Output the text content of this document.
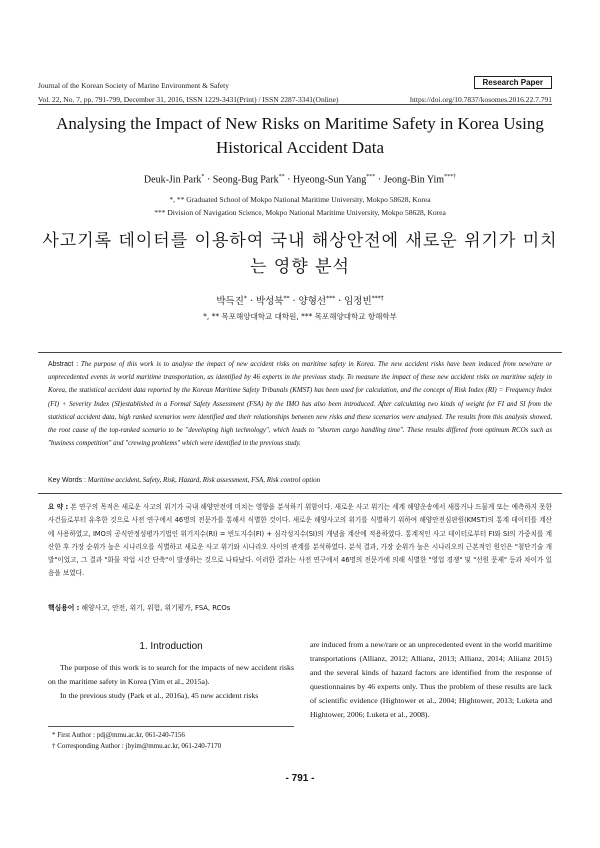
Journal of the Korean Society of Marine Environment & Safety
Vol. 22, No. 7, pp. 791-799, December 31, 2016, ISSN 1229-3431(Print) / ISSN 2287-3341(Online)	https://doi.org/10.7837/kosomes.2016.22.7.791
Research Paper
Analysing the Impact of New Risks on Maritime Safety in Korea Using Historical Accident Data
Deuk-Jin Park* · Seong-Bug Park** · Hyeong-Sun Yang*** · Jeong-Bin Yim***†
*, ** Graduated School of Mokpo National Maritime University, Mokpo 58628, Korea
*** Division of Navigation Science, Mokpo National Maritime University, Mokpo 58628, Korea
사고기록 데이터를 이용하여 국내 해상안전에 새로운 위기가 미치는 영향 분석
박득진* · 박성북** · 양형선*** · 임정빈***†
*, ** 목포해양대학교 대학원, *** 목포해양대학교 항해학부
Abstract : The purpose of this work is to analyse the impact of new accident risks on maritime safety in Korea. The new accident risks have been induced from new/rare or unprecedented events in world maritime transportation, as identified by 46 experts in the previous study. To measure the impact of these new accident risks on maritime safety in Korea, the statistical accident data reported by the Korean Maritime Safety Tribunals (KMST) has been used for calculation, and the concept of Risk Index (RI) = Frequency Index (FI) + Severity Index (SI)established in a Formal Safety Assessment (FSA) by the IMO has also been introduced. After calculating two kinds of weight for FI and SI from the statistical accident data, high ranked scenarios were identified and their relationships between new risks and these scenarios were analysed. The results from this analysis showed, the root cause of the top-ranked scenario to be "developing high technology", which leads to "shorten cargo handling time". These results differed from optimum RCOs such as "business competition" and "crewing problems" which were identified in the previous study.
Key Words : Maritime accident, Safety, Risk, Hazard, Risk assessment, FSA, Risk control option
요 약 : 본 연구의 목적은 새로운 사고의 위기가 국내 해양안전에 미치는 영향을 분석하기 위함이다. 새로운 사고 위기는 세계 해양운송에서 새롭거나 드물게 또는 예측하지 못한 사건들로부터 유추한 것으로 사전 연구에서 46명의 전문가를 통해서 식별한 것이다. 새로운 해양사고의 위기를 식별하기 위하여 해양안전심판원(KMST)의 통계 데이터를 계산에 사용하였고, IMO의 공식안정성평가기법인 위기지수(RI) = 빈도지수(FI) + 심각성지수(SI)의 개념을 계산에 적용하였다. 통계적인 사고 데이터로부터 FI와 SI의 가중치를 계산한 후 가장 순위가 높은 시나리오를 식별하고 새로운 사고 위기와 시나리오 사이의 관계를 분석하였다. 분석 결과, 가장 순위가 높은 시나리오의 근본적인 원인은 "첨단기술 개발"이었고, 그 결과 "화물 작업 시간 단축"이 발생하는 것으로 나타났다. 이러한 결과는 사전 연구에서 46명의 전문가에 의해 식별한 "영업 경쟁" 및 "선원 문제" 등과 차이가 있음을 보였다.
핵심용어 : 해양사고, 안전, 위기, 위험, 위기평가, FSA, RCOs
1. Introduction

The purpose of this work is to search for the impacts of new accident risks on the maritime safety in Korea (Yim et al., 2015a).

In the previous study (Park et al., 2016a), 45 new accident risks

are induced from a new/rare or an unprecedented event in the world maritime transportations (Allianz, 2012; Allianz, 2013; Allianz, 2014; Aliianz 2015) and the several kinds of hazard factors are identified from the response of questionnaires by 46 experts only. Thus the problem of these results are lack of scientific evidence (Hightower et al., 2004; Hightower, 2013; Luketa and Hightower, 2006; Luketa et al., 2008).

* First Author : pdj@mmu.ac.kr, 061-240-7156
† Corresponding Author : jbyim@mmu.ac.kr, 061-240-7170
- 791 -
